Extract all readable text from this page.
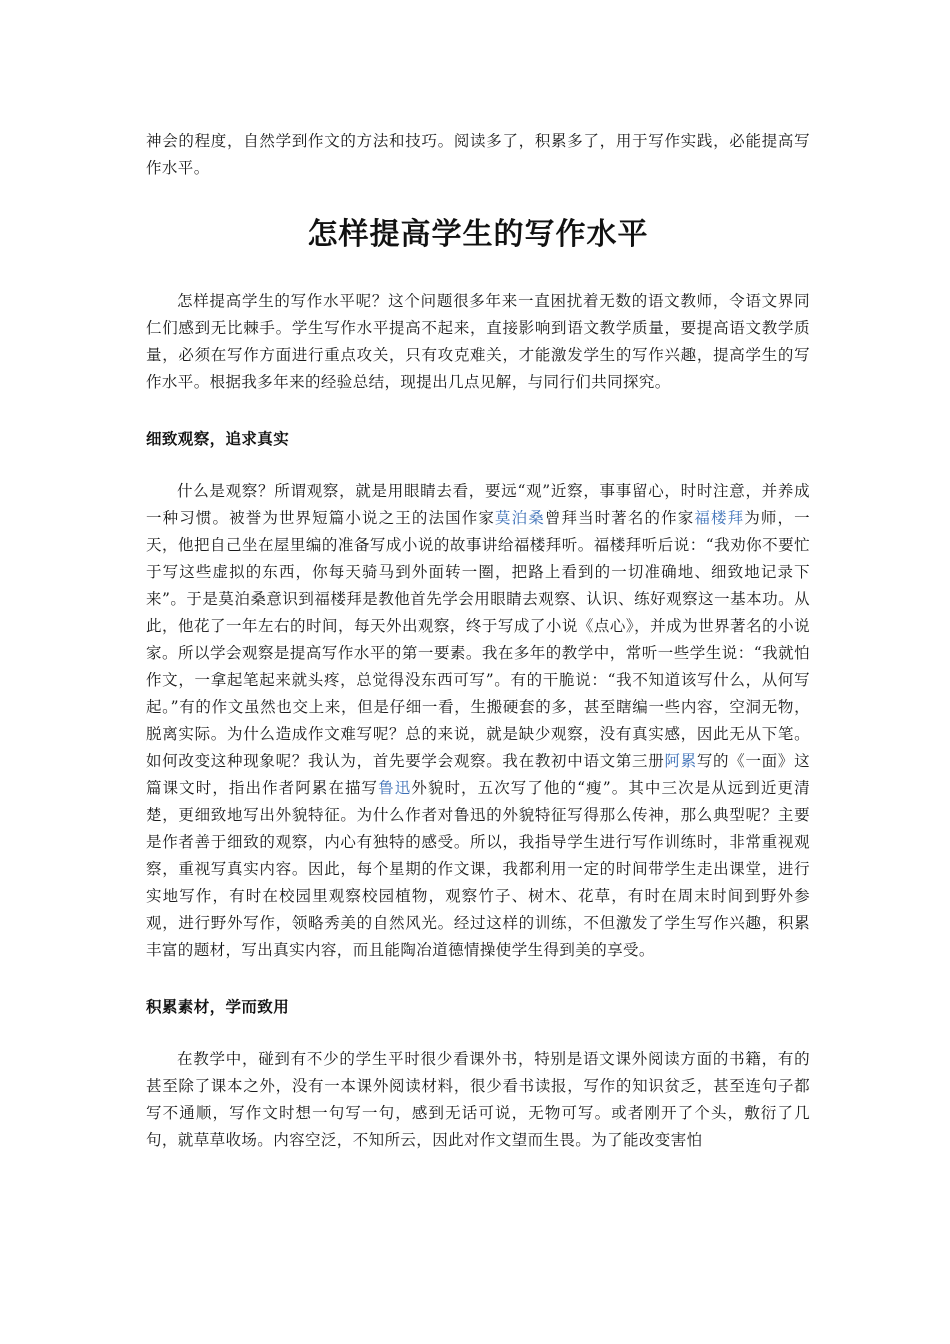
神会的程度，自然学到作文的方法和技巧。阅读多了，积累多了，用于写作实践，必能提高写作水平。

怎样提高学生的写作水平

怎样提高学生的写作水平呢？这个问题很多年来一直困扰着无数的语文教师，令语文界同仁们感到无比棘手。学生写作水平提高不起来，直接影响到语文教学质量，要提高语文教学质量，必须在写作方面进行重点攻关，只有攻克难关，才能激发学生的写作兴趣，提高学生的写作水平。根据我多年来的经验总结，现提出几点见解，与同行们共同探究。

细致观察，追求真实

什么是观察？所谓观察，就是用眼睛去看，要远“观”近察，事事留心，时时注意，并养成一种习惯。被誉为世界短篇小说之王的法国作家莫泊桑曾拜当时著名的作家福楼拜为师，一天，他把自己坐在屋里编的准备写成小说的故事讲给福楼拜听。福楼拜听后说：“我劝你不要忙于写这些虚拟的东西，你每天骑马到外面转一圈，把路上看到的一切准确地、细致地记录下来”。于是莫泊桑意识到福楼拜是教他首先学会用眼睛去观察、认识、练好观察这一基本功。从此，他花了一年左右的时间，每天外出观察，终于写成了小说《点心》，并成为世界著名的小说家。所以学会观察是提高写作水平的第一要素。我在多年的教学中，常听一些学生说：“我就怕作文，一拿起笔起来就头疼，总觉得没东西可写”。有的干脆说：“我不知道该写什么，从何写起。”有的作文虽然也交上来，但是仔细一看，生搬硬套的多，甚至瞎编一些内容，空洞无物，脱离实际。为什么造成作文难写呢？总的来说，就是缺少观察，没有真实感，因此无从下笔。如何改变这种现象呢？我认为，首先要学会观察。我在教初中语文第三册阿累写的《一面》这篇课文时，指出作者阿累在描写鲁迅外貌时，五次写了他的“瘦”。其中三次是从远到近更清楚，更细致地写出外貌特征。为什么作者对鲁迅的外貌特征写得那么传神，那么典型呢？主要是作者善于细致的观察，内心有独特的感受。所以，我指导学生进行写作训练时，非常重视观察，重视写真实内容。因此，每个星期的作文课，我都利用一定的时间带学生走出课堂，进行实地写作，有时在校园里观察校园植物，观察竹子、树木、花草，有时在周末时间到野外参观，进行野外写作，领略秀美的自然风光。经过这样的训练，不但激发了学生写作兴趣，积累丰富的题材，写出真实内容，而且能陶冶道德情操使学生得到美的享受。

积累素材，学而致用

在教学中，碰到有不少的学生平时很少看课外书，特别是语文课外阅读方面的书籍，有的甚至除了课本之外，没有一本课外阅读材料，很少看书读报，写作的知识贫乏，甚至连句子都写不通顺，写作文时想一句写一句，感到无话可说，无物可写。或者刚开了个头，敷衍了几句，就草草收场。内容空泛，不知所云，因此对作文望而生畏。为了能改变害怕
